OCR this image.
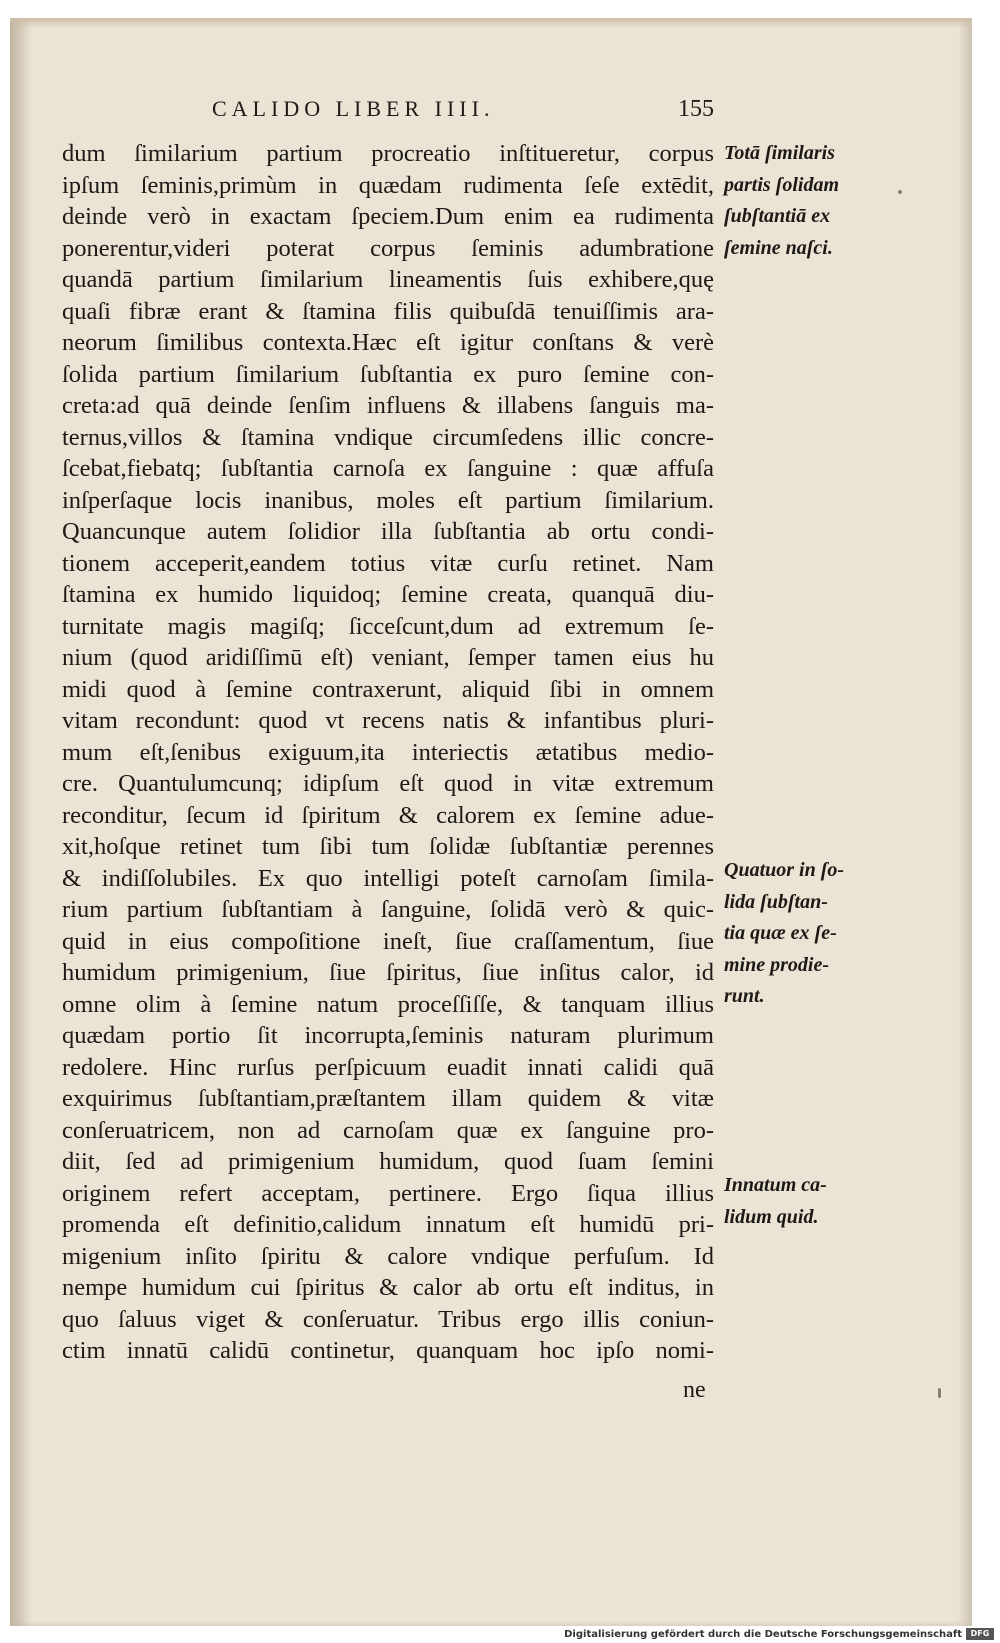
CALIDO LIBER IIII.	155
dum ſimilarium partium procreatio inſtitueretur, corpus
ipſum ſeminis,primùm in quædam rudimenta ſeſe extēdit,
deinde verò in exactam ſpeciem.Dum enim ea rudimenta
ponerentur,videri poterat corpus ſeminis adumbratione
quandā partium ſimilarium lineamentis ſuis exhibere,quę
quaſi fibræ erant & ſtamina filis quibuſdā tenuiſſimis ara-
neorum ſimilibus contexta.Hæc eſt igitur conſtans & verè
ſolida partium ſimilarium ſubſtantia ex puro ſemine con-
creta:ad quā deinde ſenſim influens & illabens ſanguis ma-
ternus,villos & ſtamina vndique circumſedens illic concre-
ſcebat,fiebatq; ſubſtantia carnoſa ex ſanguine : quæ affuſa
inſperſaque locis inanibus, moles eſt partium ſimilarium.
Quancunque autem ſolidior illa ſubſtantia ab ortu condi-
tionem acceperit,eandem totius vitæ curſu retinet. Nam
ſtamina ex humido liquidoq; ſemine creata, quanquā diu-
turnitate magis magiſq; ſicceſcunt,dum ad extremum ſe-
nium (quod aridiſſimū eſt) veniant, ſemper tamen eius hu
midi quod à ſemine contraxerunt, aliquid ſibi in omnem
vitam recondunt: quod vt recens natis & infantibus pluri-
mum eſt,ſenibus exiguum,ita interiectis ætatibus medio-
cre. Quantulumcunq; idipſum eſt quod in vitæ extremum
reconditur, ſecum id ſpiritum & calorem ex ſemine adue-
xit,hoſque retinet tum ſibi tum ſolidæ ſubſtantiæ perennes
& indiſſolubiles. Ex quo intelligi poteſt carnoſam ſimila-
rium partium ſubſtantiam à ſanguine, ſolidā verò & quic-
quid in eius compoſitione ineſt, ſiue craſſamentum, ſiue
humidum primigenium, ſiue ſpiritus, ſiue inſitus calor, id
omne olim à ſemine natum proceſſiſſe, & tanquam illius
quædam portio ſit incorrupta,ſeminis naturam plurimum
redolere. Hinc rurſus perſpicuum euadit innati calidi quā
exquirimus ſubſtantiam,præſtantem illam quidem & vitæ
conſeruatricem, non ad carnoſam quæ ex ſanguine pro-
diit, ſed ad primigenium humidum, quod ſuam ſemini
originem refert acceptam, pertinere. Ergo ſiqua illius
promenda eſt definitio,calidum innatum eſt humidū pri-
migenium inſito ſpiritu & calore vndique perfuſum. Id
nempe humidum cui ſpiritus & calor ab ortu eſt inditus, in
quo ſaluus viget & conſeruatur. Tribus ergo illis coniun-
ctim innatū calidū continetur, quanquam hoc ipſo nomi-
Totā ſimilaris
partis ſolidam
ſubſtantiā ex
ſemine naſci.
Quatuor in ſo-
lida ſubſtan-
tia quæ ex ſe-
mine prodie-
runt.
Innatum ca-
lidum quid.
ne
Digitalisierung gefördert durch die Deutsche Forschungsgemeinschaft	DFG
